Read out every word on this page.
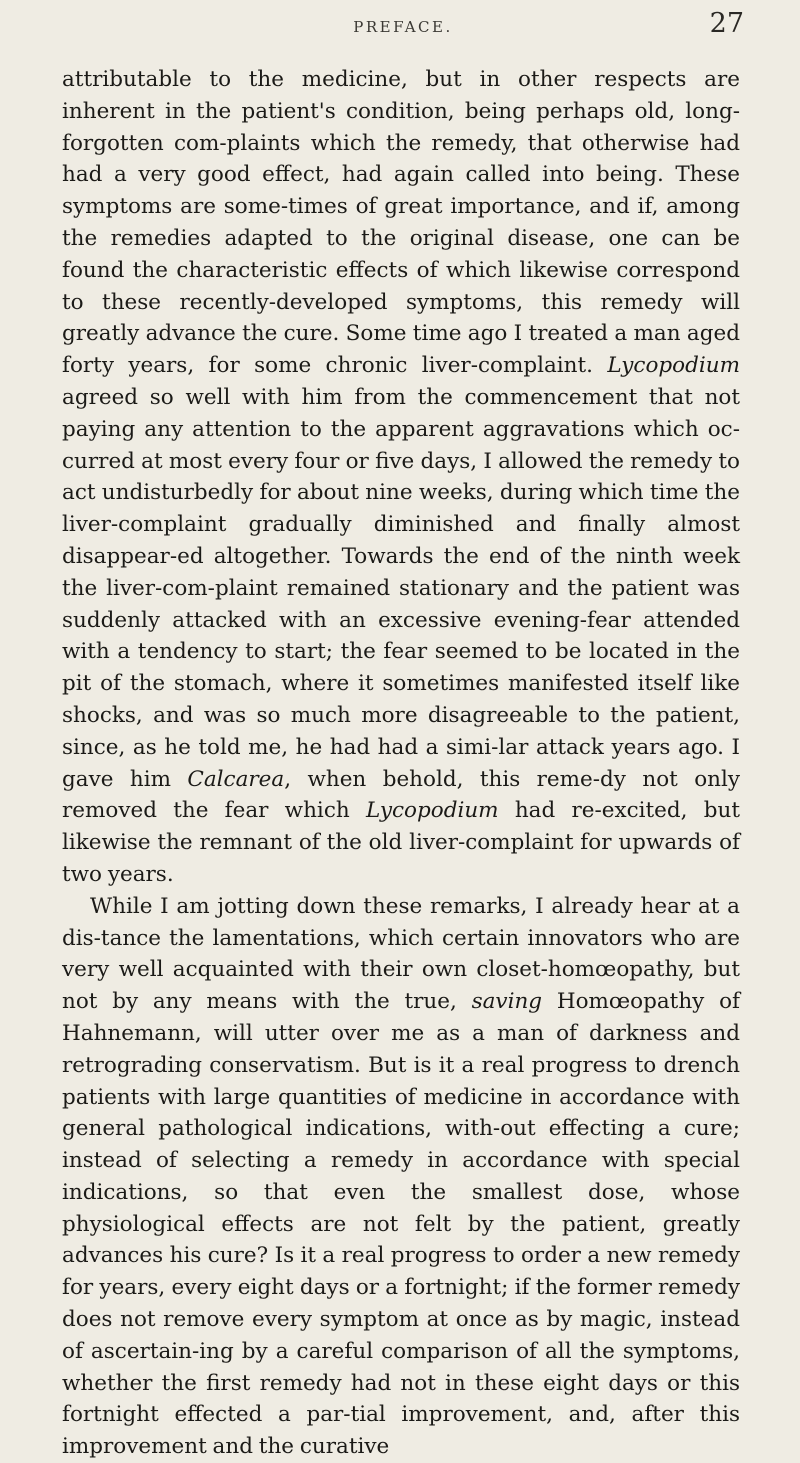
PREFACE.	27

attributable to the medicine, but in other respects are inherent in the patient's condition, being perhaps old, long-forgotten com-plaints which the remedy, that otherwise had had a very good effect, had again called into being. These symptoms are some-times of great importance, and if, among the remedies adapted to the original disease, one can be found the characteristic effects of which likewise correspond to these recently-developed symptoms, this remedy will greatly advance the cure. Some time ago I treated a man aged forty years, for some chronic liver-complaint. Lycopodium agreed so well with him from the commencement that not paying any attention to the apparent aggravations which oc-curred at most every four or five days, I allowed the remedy to act undisturbedly for about nine weeks, during which time the liver-complaint gradually diminished and finally almost disappear-ed altogether. Towards the end of the ninth week the liver-com-plaint remained stationary and the patient was suddenly attacked with an excessive evening-fear attended with a tendency to start; the fear seemed to be located in the pit of the stomach, where it sometimes manifested itself like shocks, and was so much more disagreeable to the patient, since, as he told me, he had had a simi-lar attack years ago. I gave him Calcarea, when behold, this reme-dy not only removed the fear which Lycopodium had re-excited, but likewise the remnant of the old liver-complaint for upwards of two years.

While I am jotting down these remarks, I already hear at a dis-tance the lamentations, which certain innovators who are very well acquainted with their own closet-homœopathy, but not by any means with the true, saving Homœopathy of Hahnemann, will utter over me as a man of darkness and retrograding conservatism. But is it a real progress to drench patients with large quantities of medicine in accordance with general pathological indications, with-out effecting a cure; instead of selecting a remedy in accordance with special indications, so that even the smallest dose, whose physiological effects are not felt by the patient, greatly advances his cure? Is it a real progress to order a new remedy for years, every eight days or a fortnight; if the former remedy does not remove every symptom at once as by magic, instead of ascertain-ing by a careful comparison of all the symptoms, whether the first remedy had not in these eight days or this fortnight effected a par-tial improvement, and, after this improvement and the curative
